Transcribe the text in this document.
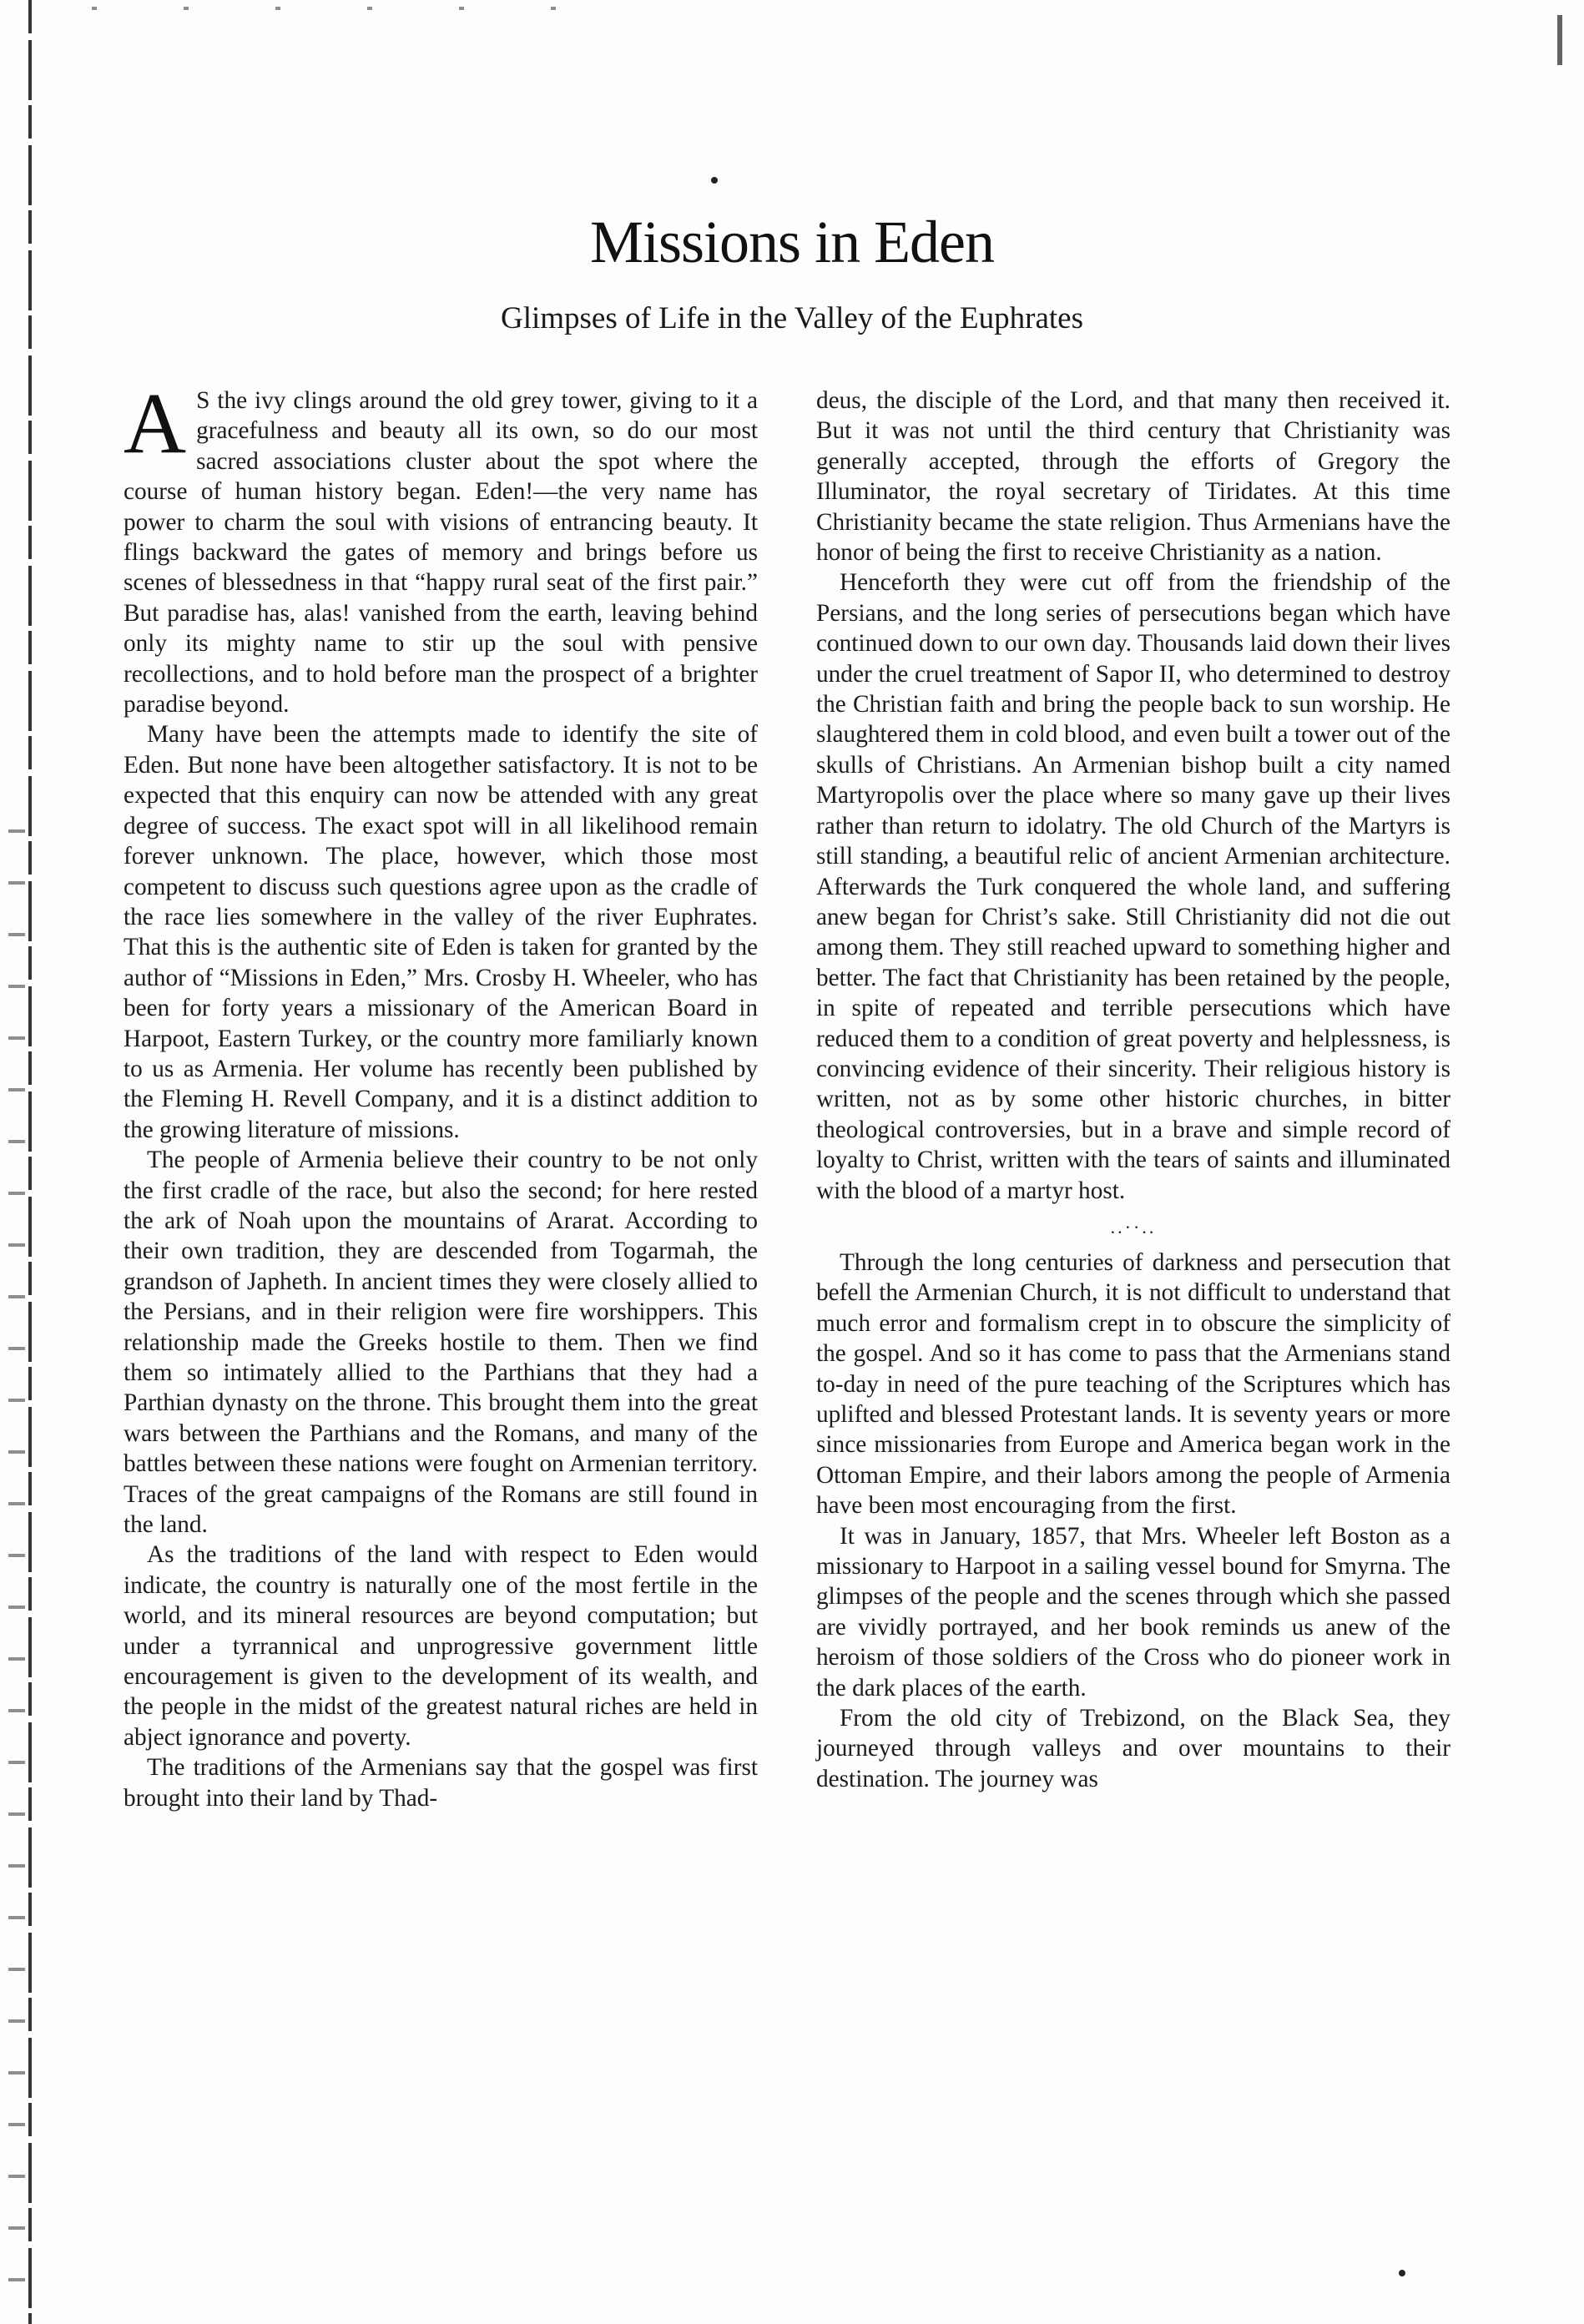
Missions in Eden
Glimpses of Life in the Valley of the Euphrates

A S the ivy clings around the old grey tower, giving to it a gracefulness and beauty all its own, so do our most sacred associations cluster about the spot where the course of human history began. Eden!—the very name has power to charm the soul with visions of entrancing beauty. It flings backward the gates of memory and brings before us scenes of blessedness in that “happy rural seat of the first pair.” But paradise has, alas! vanished from the earth, leaving behind only its mighty name to stir up the soul with pensive recollections, and to hold before man the prospect of a brighter paradise beyond.

Many have been the attempts made to identify the site of Eden. But none have been altogether satisfactory. It is not to be expected that this enquiry can now be attended with any great degree of success. The exact spot will in all likelihood remain forever unknown. The place, however, which those most competent to discuss such questions agree upon as the cradle of the race lies somewhere in the valley of the river Euphrates. That this is the authentic site of Eden is taken for granted by the author of “Missions in Eden,” Mrs. Crosby H. Wheeler, who has been for forty years a missionary of the American Board in Harpoot, Eastern Turkey, or the country more familiarly known to us as Armenia. Her volume has recently been published by the Fleming H. Revell Company, and it is a distinct addition to the growing literature of missions.

The people of Armenia believe their country to be not only the first cradle of the race, but also the second; for here rested the ark of Noah upon the mountains of Ararat. According to their own tradition, they are descended from Togarmah, the grandson of Japheth. In ancient times they were closely allied to the Persians, and in their religion were fire worshippers. This relationship made the Greeks hostile to them. Then we find them so intimately allied to the Parthians that they had a Parthian dynasty on the throne. This brought them into the great wars between the Parthians and the Romans, and many of the battles between these nations were fought on Armenian territory. Traces of the great campaigns of the Romans are still found in the land.

As the traditions of the land with respect to Eden would indicate, the country is naturally one of the most fertile in the world, and its mineral resources are beyond computation; but under a tyrrannical and unprogressive government little encouragement is given to the development of its wealth, and the people in the midst of the greatest natural riches are held in abject ignorance and poverty.

The traditions of the Armenians say that the gospel was first brought into their land by Thad-

deus, the disciple of the Lord, and that many then received it. But it was not until the third century that Christianity was generally accepted, through the efforts of Gregory the Illuminator, the royal secretary of Tiridates. At this time Christianity became the state religion. Thus Armenians have the honor of being the first to receive Christianity as a nation.

Henceforth they were cut off from the friendship of the Persians, and the long series of persecutions began which have continued down to our own day. Thousands laid down their lives under the cruel treatment of Sapor II, who determined to destroy the Christian faith and bring the people back to sun worship. He slaughtered them in cold blood, and even built a tower out of the skulls of Christians. An Armenian bishop built a city named Martyropolis over the place where so many gave up their lives rather than return to idolatry. The old Church of the Martyrs is still standing, a beautiful relic of ancient Armenian architecture. Afterwards the Turk conquered the whole land, and suffering anew began for Christ’s sake. Still Christianity did not die out among them. They still reached upward to something higher and better. The fact that Christianity has been retained by the people, in spite of repeated and terrible persecutions which have reduced them to a condition of great poverty and helplessness, is convincing evidence of their sincerity. Their religious history is written, not as by some other historic churches, in bitter theological controversies, but in a brave and simple record of loyalty to Christ, written with the tears of saints and illuminated with the blood of a martyr host.

..··..

Through the long centuries of darkness and persecution that befell the Armenian Church, it is not difficult to understand that much error and formalism crept in to obscure the simplicity of the gospel. And so it has come to pass that the Armenians stand to-day in need of the pure teaching of the Scriptures which has uplifted and blessed Protestant lands. It is seventy years or more since missionaries from Europe and America began work in the Ottoman Empire, and their labors among the people of Armenia have been most encouraging from the first.

It was in January, 1857, that Mrs. Wheeler left Boston as a missionary to Harpoot in a sailing vessel bound for Smyrna. The glimpses of the people and the scenes through which she passed are vividly portrayed, and her book reminds us anew of the heroism of those soldiers of the Cross who do pioneer work in the dark places of the earth.

From the old city of Trebizond, on the Black Sea, they journeyed through valleys and over mountains to their destination. The journey was
